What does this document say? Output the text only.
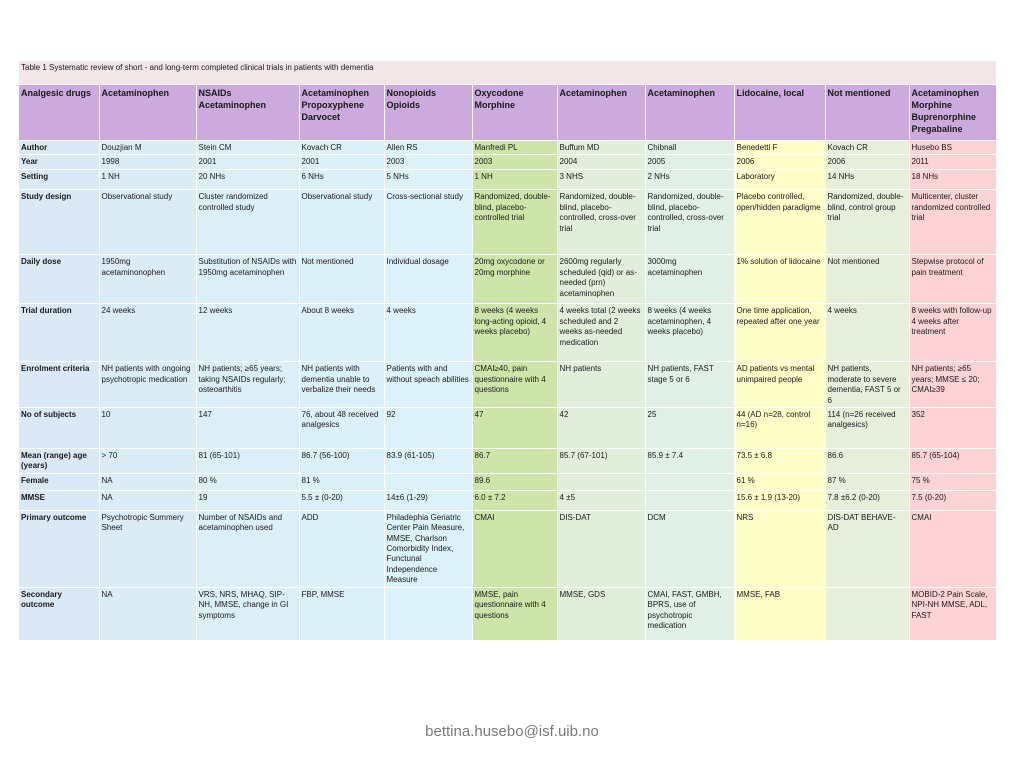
Table 1 Systematic review of short - and long-term completed clinical trials in patients with dementia										
Analgesic drugs	Acetaminophen	NSAIDs Acetaminophen	Acetaminophen Propoxyphene Darvocet	Nonopioids Opioids	Oxycodone Morphine	Acetaminophen	Acetaminophen	Lidocaine, local	Not mentioned	Acetaminophen Morphine Buprenorphine Pregabaline
Author	Douzjian M	Stein CM	Kovach CR	Allen RS	Manfredi PL	Buffum MD	Chibnall	Benedetti F	Kovach CR	Husebo BS
Year	1998	2001	2001	2003	2003	2004	2005	2006	2006	2011
Setting	1 NH	20 NHs	6 NHs	5 NHs	1 NH	3 NHS	2 NHs	Laboratory	14 NHs	18 NHs
Study design	Observational study	Cluster randomized controlled study	Observational study	Cross-sectional study	Randomized, double-blind, placebo-controlled trial	Randomized, double-blind, placebo-controlled, cross-over trial	Randomized, double-blind, placebo-controlled, cross-over trial	Placebo controlled, open/hidden paradigme	Randomized, double-blind, control group trial	Multicenter, cluster randomized controlled trial
Daily dose	1950mg acetaminonophen	Substitution of NSAIDs with 1950mg acetaminophen	Not mentioned	Individual dosage	20mg oxycodone or 20mg morphine	2600mg regularly scheduled (qid) or as-needed (prn) acetaminophen	3000mg acetaminophen	1% solution of lidocaine	Not mentioned	Stepwise protocol of pain treatment
Trial duration	24 weeks	12 weeks	About 8 weeks	4 weeks	8 weeks (4 weeks long-acting opioid, 4 weeks placebo)	4 weeks total (2 weeks scheduled and 2 weeks as-needed medication	8 weeks (4 weeks acetaminophen, 4 weeks placebo)	One time application, repeated after one year	4 weeks	8 weeks with follow-up 4 weeks after treatment
Enrolment criteria	NH patients with ongoing psychotropic medication	NH patients; ≥65 years; taking NSAIDs regularly; osteoarthitis	NH patients with dementia unable to verbalize their needs	Patients with and without speach abilities	CMAI≥40, pain questionnaire with 4 questions	NH patients	NH patients, FAST stage 5 or 6	AD patients vs mental unimpaired people	NH patients, moderate to severe dementia, FAST 5 or 6	NH patients; ≥65 years; MMSE ≤ 20; CMAI≥39
No of subjects	10	147	76, about 48 received analgesics	92	47	42	25	44 (AD n=28, control n=16)	114 (n=26 received analgesics)	352
Mean (range) age (years)	> 70	81 (65-101)	86.7 (56-100)	83.9 (61-105)	86.7	85.7 (67-101)	85.9 ± 7.4	73.5 ± 6.8	86.6	85.7 (65-104)
Female	NA	80 %	81 %		89.6			61 %	87 %	75 %
MMSE	NA	19	5.5 ± (0-20)	14±6 (1-29)	6.0 ± 7.2	4 ±5		15.6 ± 1.9 (13-20)	7.8 ±6.2 (0-20)	7.5 (0-20)
Primary outcome	Psychotropic Summery Sheet	Number of NSAIDs and acetaminophen used	ADD	Philadephia Geriatric Center Pain Measure, MMSE, Charlson Comorbidity Index, Functunal Independence Measure	CMAI	DIS-DAT	DCM	NRS	DIS-DAT BEHAVE-AD	CMAI
Secondary outcome	NA	VRS, NRS, MHAQ, SIP-NH, MMSE, change in GI symptoms	FBP, MMSE		MMSE, pain questionnaire with 4 questions	MMSE, GDS	CMAI, FAST, GMBH, BPRS, use of psychotropic medication	MMSE, FAB		MOBID-2 Pain Scale, NPI-NH MMSE, ADL, FAST
bettina.husebo@isf.uib.no
